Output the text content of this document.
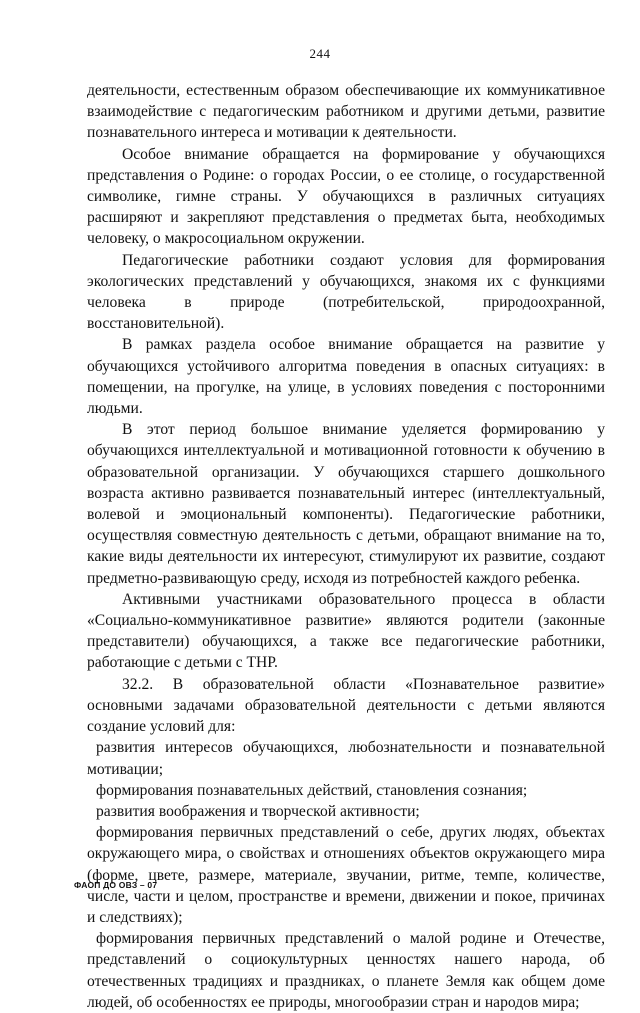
244

деятельности, естественным образом обеспечивающие их коммуникативное взаимодействие с педагогическим работником и другими детьми, развитие познавательного интереса и мотивации к деятельности.

Особое внимание обращается на формирование у обучающихся представления о Родине: о городах России, о ее столице, о государственной символике, гимне страны. У обучающихся в различных ситуациях расширяют и закрепляют представления о предметах быта, необходимых человеку, о макросоциальном окружении.

Педагогические работники создают условия для формирования экологических представлений у обучающихся, знакомя их с функциями человека в природе (потребительской, природоохранной, восстановительной).

В рамках раздела особое внимание обращается на развитие у обучающихся устойчивого алгоритма поведения в опасных ситуациях: в помещении, на прогулке, на улице, в условиях поведения с посторонними людьми.

В этот период большое внимание уделяется формированию у обучающихся интеллектуальной и мотивационной готовности к обучению в образовательной организации. У обучающихся старшего дошкольного возраста активно развивается познавательный интерес (интеллектуальный, волевой и эмоциональный компоненты). Педагогические работники, осуществляя совместную деятельность с детьми, обращают внимание на то, какие виды деятельности их интересуют, стимулируют их развитие, создают предметно-развивающую среду, исходя из потребностей каждого ребенка.

Активными участниками образовательного процесса в области «Социально-коммуникативное развитие» являются родители (законные представители) обучающихся, а также все педагогические работники, работающие с детьми с ТНР.

32.2. В образовательной области «Познавательное развитие» основными задачами образовательной деятельности с детьми являются создание условий для:

развития интересов обучающихся, любознательности и познавательной мотивации;

формирования познавательных действий, становления сознания;

развития воображения и творческой активности;

формирования первичных представлений о себе, других людях, объектах окружающего мира, о свойствах и отношениях объектов окружающего мира (форме, цвете, размере, материале, звучании, ритме, темпе, количестве, числе, части и целом, пространстве и времени, движении и покое, причинах и следствиях);

формирования первичных представлений о малой родине и Отечестве, представлений о социокультурных ценностях нашего народа, об отечественных традициях и праздниках, о планете Земля как общем доме людей, об особенностях ее природы, многообразии стран и народов мира;

ФАОП ДО ОВЗ – 07
